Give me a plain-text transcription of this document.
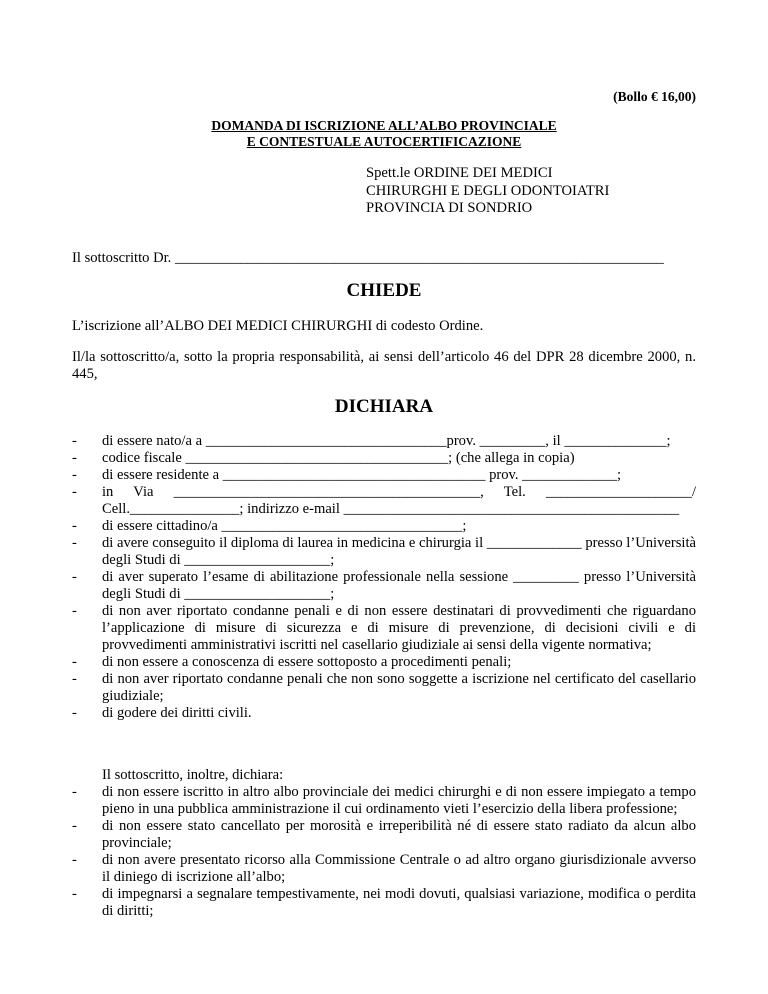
(Bollo € 16,00)
DOMANDA DI ISCRIZIONE ALL’ALBO PROVINCIALE
E CONTESTUALE AUTOCERTIFICAZIONE
Spett.le ORDINE DEI MEDICI
CHIRURGHI E DEGLI ODONTOIATRI
PROVINCIA DI SONDRIO
Il sottoscritto Dr. ___________________________________________________________________
CHIEDE

L’iscrizione all’ALBO DEI MEDICI CHIRURGHI di codesto Ordine.

Il/la sottoscritto/a, sotto la propria responsabilità, ai sensi dell’articolo 46 del DPR 28 dicembre 2000, n. 445,

DICHIARA
- di essere nato/a a _________________________________prov. _________, il ______________;
- codice fiscale ____________________________________; (che allega in copia)
- di essere residente a ____________________________________ prov. _____________;
- in Via __________________________________________, Tel. ____________________/ Cell._______________; indirizzo e-mail ______________________________________________
- di essere cittadino/a _________________________________;
- di avere conseguito il diploma di laurea in medicina e chirurgia il _____________ presso l’Università degli Studi di ____________________;
- di aver superato l’esame di abilitazione professionale nella sessione _________ presso l’Università degli Studi di ____________________;
- di non aver riportato condanne penali e di non essere destinatari di provvedimenti che riguardano l’applicazione di misure di sicurezza e di misure di prevenzione, di decisioni civili e di provvedimenti amministrativi iscritti nel casellario giudiziale ai sensi della vigente normativa;
- di non essere a conoscenza di essere sottoposto a procedimenti penali;
- di non aver riportato condanne penali che non sono soggette a iscrizione nel certificato del casellario giudiziale;
- di godere dei diritti civili.
Il sottoscritto, inoltre, dichiara:
- di non essere iscritto in altro albo provinciale dei medici chirurghi e di non essere impiegato a tempo pieno in una pubblica amministrazione il cui ordinamento vieti l’esercizio della libera professione;
- di non essere stato cancellato per morosità e irreperibilità né di essere stato radiato da alcun albo provinciale;
- di non avere presentato ricorso alla Commissione Centrale o ad altro organo giurisdizionale avverso il diniego di iscrizione all’albo;
- di impegnarsi a segnalare tempestivamente, nei modi dovuti, qualsiasi variazione, modifica o perdita di diritti;
